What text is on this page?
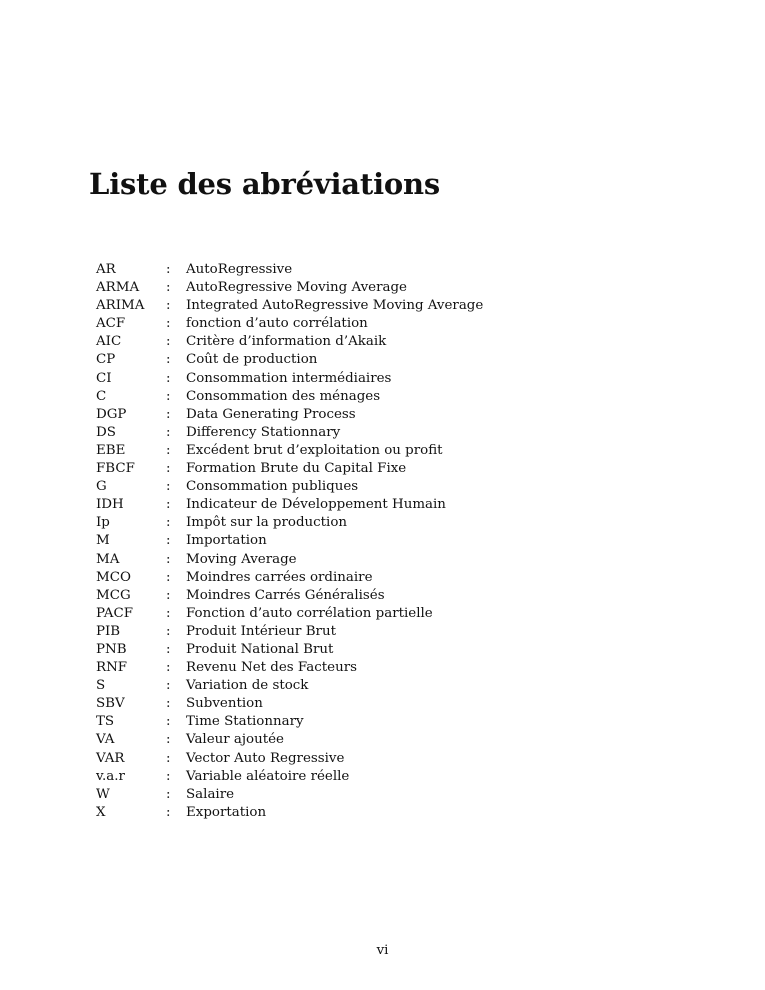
Liste des abréviations
AR	:	AutoRegressive
ARMA	:	AutoRegressive Moving Average
ARIMA	:	Integrated AutoRegressive Moving Average
ACF	:	fonction d’auto corrélation
AIC	:	Critère d’information d’Akaik
CP	:	Coût de production
CI	:	Consommation intermédiaires
C	:	Consommation des ménages
DGP	:	Data Generating Process
DS	:	Differency Stationnary
EBE	:	Excédent brut d’exploitation ou profit
FBCF	:	Formation Brute du Capital Fixe
G	:	Consommation publiques
IDH	:	Indicateur de Développement Humain
Ip	:	Impôt sur la production
M	:	Importation
MA	:	Moving Average
MCO	:	Moindres carrées ordinaire
MCG	:	Moindres Carrés Généralisés
PACF	:	Fonction d’auto corrélation partielle
PIB	:	Produit Intérieur Brut
PNB	:	Produit National Brut
RNF	:	Revenu Net des Facteurs
S	:	Variation de stock
SBV	:	Subvention
TS	:	Time Stationnary
VA	:	Valeur ajoutée
VAR	:	Vector Auto Regressive
v.a.r	:	Variable aléatoire réelle
W	:	Salaire
X	:	Exportation
vi
